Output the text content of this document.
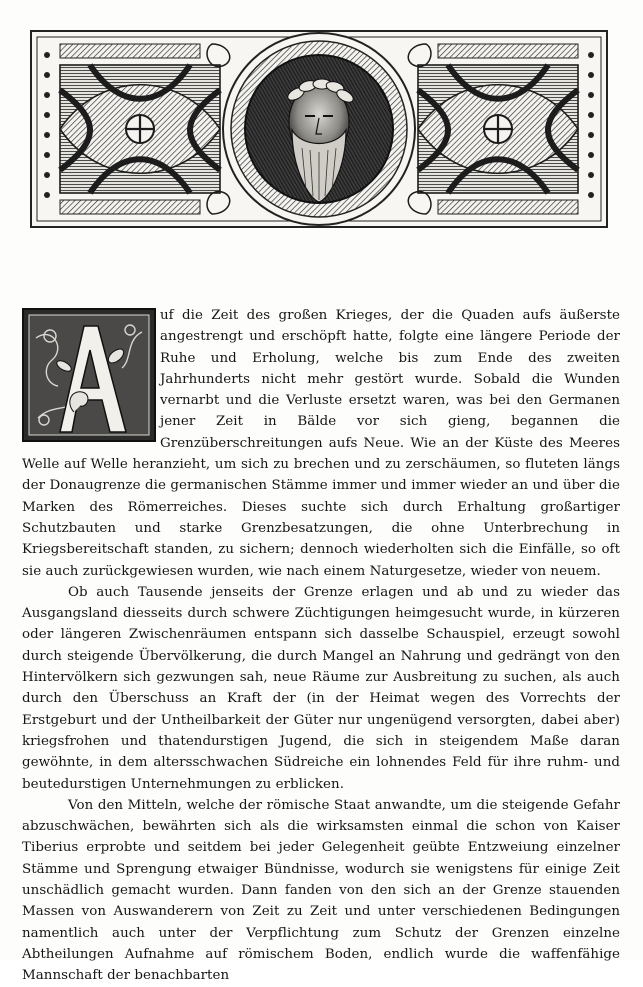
uf die Zeit des großen Krieges, der die Quaden aufs äußerste angestrengt und erschöpft hatte, folgte eine längere Periode der Ruhe und Erholung, welche bis zum Ende des zweiten Jahrhunderts nicht mehr gestört wurde. Sobald die Wunden vernarbt und die Verluste ersetzt waren, was bei den Germanen jener Zeit in Bälde vor sich gieng, begannen die Grenzüberschreitungen aufs Neue. Wie an der Küste des Meeres Welle auf Welle heranzieht, um sich zu brechen und zu zerschäumen, so fluteten längs der Donaugrenze die germanischen Stämme immer und immer wieder an und über die Marken des Römerreiches. Dieses suchte sich durch Erhaltung großartiger Schutzbauten und starke Grenzbesatzungen, die ohne Unterbrechung in Kriegsbereitschaft standen, zu sichern; dennoch wiederholten sich die Einfälle, so oft sie auch zurückgewiesen wurden, wie nach einem Naturgesetze, wieder von neuem.

Ob auch Tausende jenseits der Grenze erlagen und ab und zu wieder das Ausgangsland diesseits durch schwere Züchtigungen heimgesucht wurde, in kürzeren oder längeren Zwischenräumen entspann sich dasselbe Schauspiel, erzeugt sowohl durch steigende Übervölkerung, die durch Mangel an Nahrung und gedrängt von den Hintervölkern sich gezwungen sah, neue Räume zur Ausbreitung zu suchen, als auch durch den Überschuss an Kraft der (in der Heimat wegen des Vorrechts der Erstgeburt und der Untheilbarkeit der Güter nur ungenügend versorgten, dabei aber) kriegsfrohen und thatendurstigen Jugend, die sich in steigendem Maße daran gewöhnte, in dem altersschwachen Südreiche ein lohnendes Feld für ihre ruhm- und beutedurstigen Unternehmungen zu erblicken.

Von den Mitteln, welche der römische Staat anwandte, um die steigende Gefahr abzuschwächen, bewährten sich als die wirksamsten einmal die schon von Kaiser Tiberius erprobte und seitdem bei jeder Gelegenheit geübte Entzweiung einzelner Stämme und Sprengung etwaiger Bündnisse, wodurch sie wenigstens für einige Zeit unschädlich gemacht wurden. Dann fanden von den sich an der Grenze stauenden Massen von Auswanderern von Zeit zu Zeit und unter verschiedenen Bedingungen namentlich auch unter der Verpflichtung zum Schutz der Grenzen einzelne Abtheilungen Aufnahme auf römischem Boden, endlich wurde die waffenfähige Mannschaft der benachbarten
